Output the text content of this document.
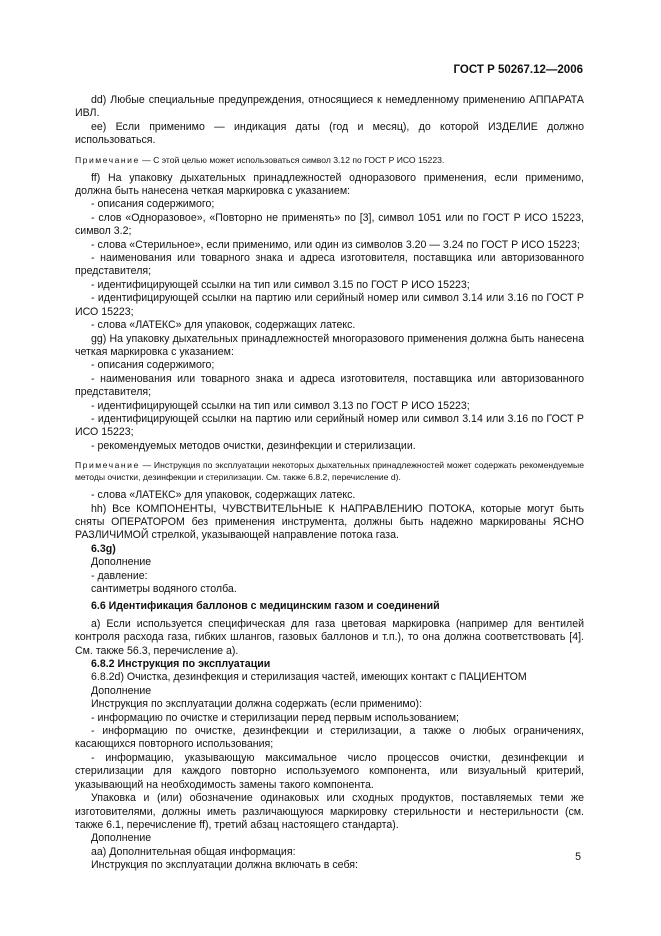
ГОСТ Р 50267.12—2006

dd) Любые специальные предупреждения, относящиеся к немедленному применению АППАРАТА ИВЛ.

ee) Если применимо — индикация даты (год и месяц), до которой ИЗДЕЛИЕ должно использоваться.

Примечание — С этой целью может использоваться символ 3.12 по ГОСТ Р ИСО 15223.

ff) На упаковку дыхательных принадлежностей одноразового применения, если применимо, должна быть нанесена четкая маркировка с указанием:

- описания содержимого;

- слов «Одноразовое», «Повторно не применять» по [3], символ 1051 или по ГОСТ Р ИСО 15223, символ 3.2;

- слова «Стерильное», если применимо, или один из символов 3.20 — 3.24 по ГОСТ Р ИСО 15223;

- наименования или товарного знака и адреса изготовителя, поставщика или авторизованного представителя;

- идентифицирующей ссылки на тип или символ 3.15 по ГОСТ Р ИСО 15223;

- идентифицирующей ссылки на партию или серийный номер или символ 3.14 или 3.16 по ГОСТ Р ИСО 15223;

- слова «ЛАТЕКС» для упаковок, содержащих латекс.

gg) На упаковку дыхательных принадлежностей многоразового применения должна быть нанесена четкая маркировка с указанием:

- описания содержимого;

- наименования или товарного знака и адреса изготовителя, поставщика или авторизованного представителя;

- идентифицирующей ссылки на тип или символ 3.13 по ГОСТ Р ИСО 15223;

- идентифицирующей ссылки на партию или серийный номер или символ 3.14 или 3.16 по ГОСТ Р ИСО 15223;

- рекомендуемых методов очистки, дезинфекции и стерилизации.

Примечание — Инструкция по эксплуатации некоторых дыхательных принадлежностей может содержать рекомендуемые методы очистки, дезинфекции и стерилизации. См. также 6.8.2, перечисление d).

- слова «ЛАТЕКС» для упаковок, содержащих латекс.

hh) Все КОМПОНЕНТЫ, ЧУВСТВИТЕЛЬНЫЕ К НАПРАВЛЕНИЮ ПОТОКА, которые могут быть сняты ОПЕРАТОРОМ без применения инструмента, должны быть надежно маркированы ЯСНО РАЗЛИЧИМОЙ стрелкой, указывающей направление потока газа.

6.3g)

Дополнение

- давление:

сантиметры водяного столба.

6.6 Идентификация баллонов с медицинским газом и соединений

а) Если используется специфическая для газа цветовая маркировка (например для вентилей контроля расхода газа, гибких шлангов, газовых баллонов и т.п.), то она должна соответствовать [4]. См. также 56.3, перечисление а).

6.8.2 Инструкция по эксплуатации

6.8.2d) Очистка, дезинфекция и стерилизация частей, имеющих контакт с ПАЦИЕНТОМ

Дополнение

Инструкция по эксплуатации должна содержать (если применимо):

- информацию по очистке и стерилизации перед первым использованием;

- информацию по очистке, дезинфекции и стерилизации, а также о любых ограничениях, касающихся повторного использования;

- информацию, указывающую максимальное число процессов очистки, дезинфекции и стерилизации для каждого повторно используемого компонента, или визуальный критерий, указывающий на необходимость замены такого компонента.

Упаковка и (или) обозначение одинаковых или сходных продуктов, поставляемых теми же изготовителями, должны иметь различающуюся маркировку стерильности и нестерильности (см. также 6.1, перечисление ff), третий абзац настоящего стандарта).

Дополнение

аа) Дополнительная общая информация:

Инструкция по эксплуатации должна включать в себя:

5
